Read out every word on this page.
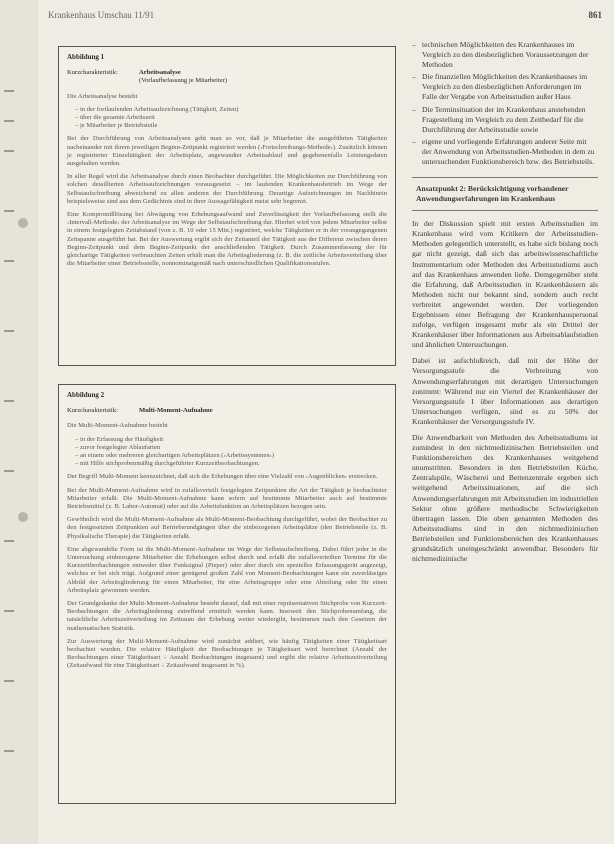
Krankenhaus Umschau 11/91	861
Abbildung 1
Kurzcharakteristik:	Arbeitsanalyse
(Vorlaufbefassung je Mitarbeiter)

Die Arbeitsanalyse besteht

– in der fortlaufenden Arbeitsaufzeichnung (Tätigkeit, Zeiten)
– über die gesamte Arbeitszeit
– je Mitarbeiter je Betriebsteile

Bei der Durchführung von Arbeitsanalysen geht man so vor, daß je Mitarbeiter die ausgeführten Tätigkeiten nacheinander mit ihrem jeweiligen Beginn-Zeitpunkt registriert werden (›Fortschreibungs-Methode‹). Zusätzlich können je registrierter Einzeltätigkeit der Arbeitsplatz, angewandter Arbeitsablauf und gegebenenfalls Leistungsdaten ausgehalten werden.

In aller Regel wird die Arbeitsanalyse durch einen Beobachter durchgeführt. Die Möglichkeiten zur Durchführung von solchen detaillierten Arbeitsaufzeichnungen vorausgesetzt – im laufenden Krankenhausbetrieb im Wege der Selbstaufschreibung abweichend zu allen anderen der Durchführung. Derartige Aufzeichnungen im Nachhinein beispielsweise sind aus dem Gedächtnis sind in ihrer Aussagefähigkeit meist sehr begrenzt.

Eine Kompromißlösung bei Abwägung von Erhebungsaufwand und Zuverlässigkeit der Vorlaufbefassung stellt die ›Intervall-Methode‹ der Arbeitsanalyse im Wege der Selbstaufschreibung dar. Hierbei wird von jedem Mitarbeiter selbst in einem festgelegten Zeitabstand (von z. B. 10 oder 15 Min.) registriert, welche Tätigkeiten er in der vorangegangenen Zeitspanne ausgeführt hat. Bei der Auswertung ergibt sich der Zeitanteil der Tätigkeit aus der Differenz zwischen deren Beginn-Zeitpunkt und dem Beginn-Zeitpunkt der anschließenden Tätigkeit. Durch Zusammenfassung der für gleichartige Tätigkeiten verbrauchten Zeiten erhält man die Arbeitsgliederung (z. B. die zeitliche Arbeitsverteilung über die Mitarbeiter einer Betriebsstelle, nonnominatgemäß nach unterschiedlichen Qualifikationsstufen.

Abbildung 2
Kurzcharakteristik:	Multi-Moment-Aufnahme

Die Multi-Moment-Aufnahme besteht

– in der Erfassung der Häufigkeit
– zuvor festgelegter Ablaufarten
– an einem oder mehreren gleichartigen Arbeitsplätzen (›Arbeitssystemen‹)
– mit Hilfe stichprobenmäßig durchgeführter Kurzzeitbeobachtungen.

Der Begriff Multi-Moment kennzeichnet, daß sich die Erhebungen über eine Vielzahl von ›Augenblicken‹ erstrecken.

Bei der Multi-Moment-Aufnahme wird in zufallsverteilt festgelegten Zeitpunkten die Art der Tätigkeit je beobachteter Mitarbeiter erfaßt. Die Multi-Moment-Aufnahme kann sofern auf bestimmte Mitarbeiter auch auf bestimmte Betriebsmittel (z. B. Labor-Automat) oder auf die Arbeitsfunktion an Arbeitsplätzen bezogen sein.

Gewöhnlich wird die Multi-Moment-Aufnahme als Multi-Moment-Beobachtung durchgeführt, wobei der Beobachter zu den festgesetzten Zeitpunkten auf Betriebsrundgängen über die einbezogenen Arbeitsplätze (den Betriebsteile (z. B. Physikalische Therapie) die Tätigkeiten erfaßt.

Eine abgewandelte Form ist die Multi-Moment-Aufnahme im Wege der Selbstaufschreibung. Dabei führt jeder in die Untersuchung einbezogene Mitarbeiter die Erhebungen selbst durch und erfaßt die zufallsverteilten Termine für die Kurzzeitbeobachtungen entweder über Funksignal (Pieper) oder aber durch ein spezielles Erfassungsgerät angezeigt, welches er bei sich trägt. Aufgrund einer genügend großen Zahl von Moment-Beobachtungen kann ein zuverlässiges Abbild der Arbeitsgliederung für einen Mitarbeiter, für eine Arbeitsgruppe oder eine Abteilung oder für einen Arbeitsplatz gewonnen werden.

Der Grundgedanke der Multi-Moment-Aufnahme besteht darauf, daß mit einer repräsentativen Stichprobe von Kurzzeit-Beobachtungen die Arbeitsgliederung zutreffend ermittelt werden kann. Insoweit den Stichprobenumfang, die tatsächliche Arbeitszeitverteilung im Zeitraum der Erhebung weiter wiedergibt, bestimmen nach den Gesetzen der mathematischen Statistik.

Zur Auswertung der Multi-Moment-Aufnahme wird zunächst addiert, wie häufig Tätigkeiten einer Tätigkeitsart beobachtet wurden. Die relative Häufigkeit der Beobachtungen je Tätigkeitsart wird berechnet (Anzahl der Beobachtungen einer Tätigkeitsart ÷ Anzahl Beobachtungen insgesamt) und ergibt die relative Arbeitszeitverteilung (Zeitaufwand für eine Tätigkeitsart ÷ Zeitaufwand insgesamt in %).

– technischen Möglichkeiten des Krankenhauses im Vergleich zu den diesbezüglichen Voraussetzungen der Methoden
– Die finanziellen Möglichkeiten des Krankenhauses im Vergleich zu den diesbezüglichen Anforderungen im Falle der Vergabe von Arbeitsstudien außer Haus
– Die Terminsituation der im Krankenhaus anstehenden Fragestellung im Vergleich zu dem Zeitbedarf für die Durchführung der Arbeitsstudie sowie
– eigene und vorliegende Erfahrungen anderer Seite mit der Anwendung von Arbeitsstudien-Methoden in dem zu untersuchenden Funktionsbereich bzw. des Betriebsteils.
Ansatzpunkt 2: Berücksichtigung vorhandener Anwendungserfahrungen im Krankenhaus

In der Diskussion spielt mit ersten Arbeitsstudien im Krankenhaus wird vom Kritikern der Arbeitsstudien-Methoden gelegentlich unterstellt, es habe sich bislang noch gar nicht gezeigt, daß sich das arbeitswissenschaftliche Instrumentarium oder Methoden des Arbeitsstudiums auch auf das Krankenhaus anwenden ließe. Demgegenüber steht die Erfahrung, daß Arbeitsstudien in Krankenhäusern als Methoden nicht nur bekannt sind, sondern auch recht verbreitet angewendet werden. Der vorliegenden Ergebnissen einer Befragung der Krankenhauspersonal zufolge, verfügen insgesamt mehr als ein Drittel der Krankenhäuser über Informationen aus Arbeitsablaufstudien und ähnlichen Untersuchungen.

Dabei ist aufschlußreich, daß mit der Höhe der Versorgungsstufe die Verbreitung von Anwendungserfahrungen mit derartigen Untersuchungen zunimmt: Während nur ein Viertel der Krankenhäuser der Versorgungsstufe I über Informationen aus derartigen Untersuchungen verfügen, sind es zu 50% der Krankenhäuser der Versorgungsstufe IV.

Die Anwendbarkeit von Methoden des Arbeitsstudiums ist zumindest in den nichtmedizinischen Betriebsteilen und Funktionsbereichen des Krankenhauses weitgehend unumstritten. Besonders in den Betriebsteilen Küche, Zentralspüle, Wäscherei und Bettenzentrale ergeben sich weitgehend Arbeitssituationen, auf die sich Anwendungserfahrungen mit Arbeitsstudien im industriellen Sektor ohne größere methodische Schwierigkeiten übertragen lassen. Die oben genannten Methoden des Arbeitsstudiums sind in den nichtmedizinischen Betriebsteilen und Funktionsbereichen des Krankenhauses grundsätzlich uneingeschränkt anwendbar. Besonders für nichtmedizinische
